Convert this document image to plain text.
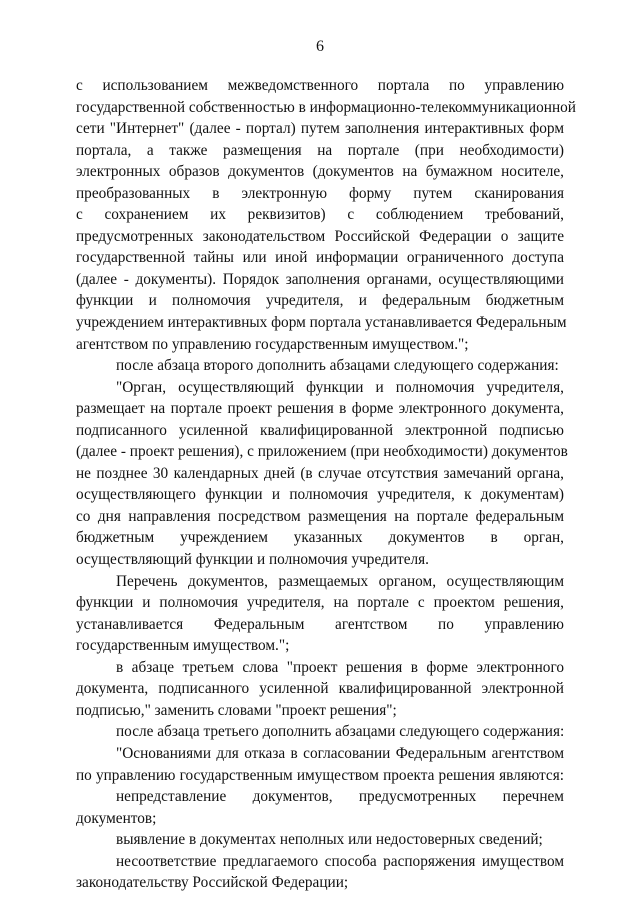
6
с использованием межведомственного портала по управлению
государственной собственностью в информационно-телекоммуникационной
сети "Интернет" (далее - портал) путем заполнения интерактивных форм
портала, а также размещения на портале (при необходимости)
электронных образов документов (документов на бумажном носителе,
преобразованных в электронную форму путем сканирования
с сохранением их реквизитов) с соблюдением требований,
предусмотренных законодательством Российской Федерации о защите
государственной тайны или иной информации ограниченного доступа
(далее - документы). Порядок заполнения органами, осуществляющими
функции и полномочия учредителя, и федеральным бюджетным
учреждением интерактивных форм портала устанавливается Федеральным
агентством по управлению государственным имуществом.";
после абзаца второго дополнить абзацами следующего содержания:
"Орган, осуществляющий функции и полномочия учредителя,
размещает на портале проект решения в форме электронного документа,
подписанного усиленной квалифицированной электронной подписью
(далее - проект решения), с приложением (при необходимости) документов
не позднее 30 календарных дней (в случае отсутствия замечаний органа,
осуществляющего функции и полномочия учредителя, к документам)
со дня направления посредством размещения на портале федеральным
бюджетным учреждением указанных документов в орган,
осуществляющий функции и полномочия учредителя.
Перечень документов, размещаемых органом, осуществляющим
функции и полномочия учредителя, на портале с проектом решения,
устанавливается Федеральным агентством по управлению
государственным имуществом.";
в абзаце третьем слова "проект решения в форме электронного
документа, подписанного усиленной квалифицированной электронной
подписью," заменить словами "проект решения";
после абзаца третьего дополнить абзацами следующего содержания:
"Основаниями для отказа в согласовании Федеральным агентством
по управлению государственным имуществом проекта решения являются:
непредставление документов, предусмотренных перечнем
документов;
выявление в документах неполных или недостоверных сведений;
несоответствие предлагаемого способа распоряжения имуществом
законодательству Российской Федерации;
